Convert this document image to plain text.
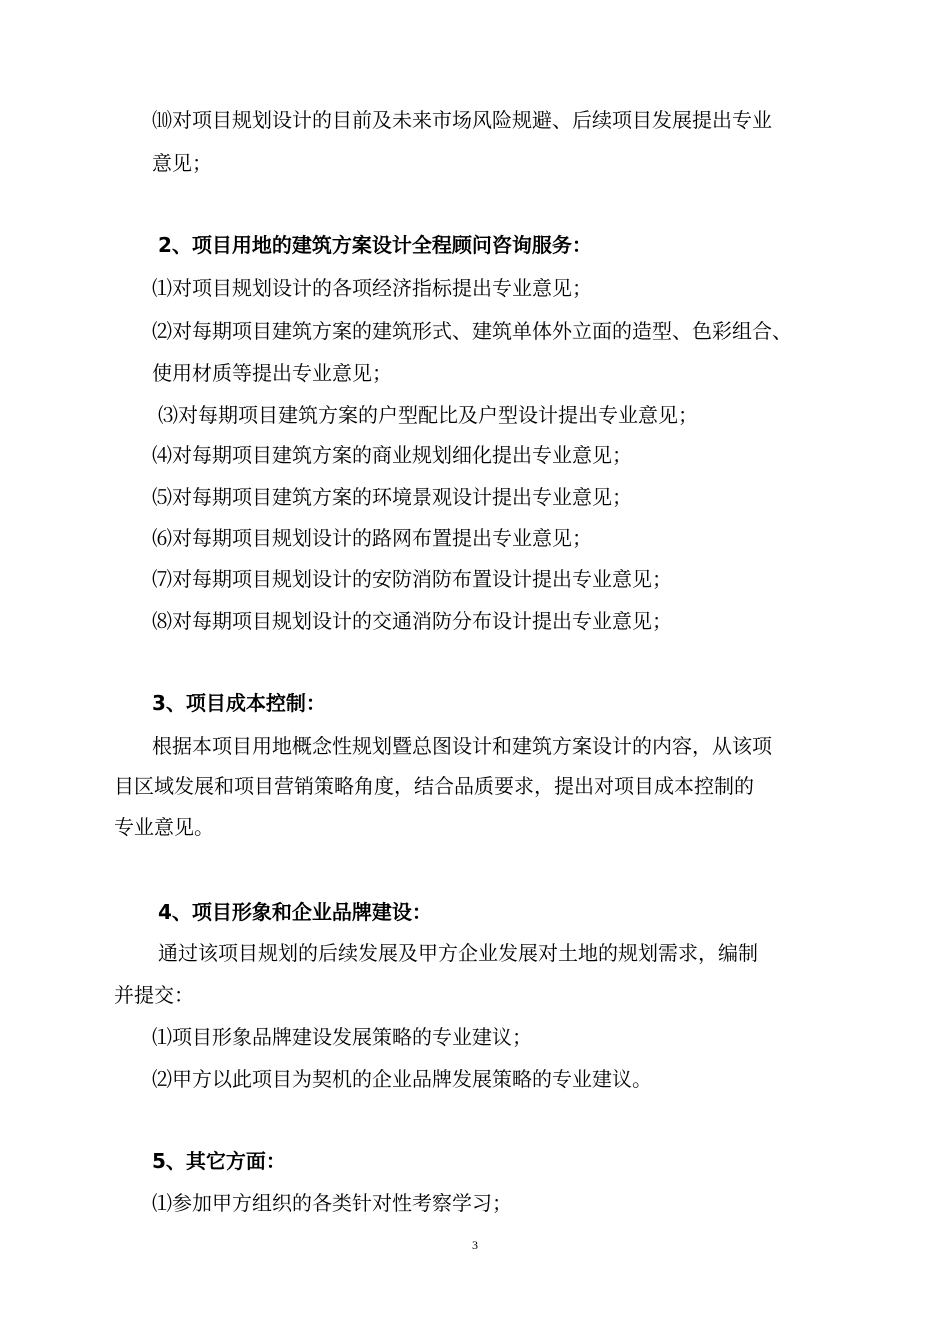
⑽对项目规划设计的目前及未来市场风险规避、后续项目发展提出专业
意见；
2、项目用地的建筑方案设计全程顾问咨询服务：
⑴对项目规划设计的各项经济指标提出专业意见；
⑵对每期项目建筑方案的建筑形式、建筑单体外立面的造型、色彩组合、
使用材质等提出专业意见；
⑶对每期项目建筑方案的户型配比及户型设计提出专业意见；
⑷对每期项目建筑方案的商业规划细化提出专业意见；
⑸对每期项目建筑方案的环境景观设计提出专业意见；
⑹对每期项目规划设计的路网布置提出专业意见；
⑺对每期项目规划设计的安防消防布置设计提出专业意见；
⑻对每期项目规划设计的交通消防分布设计提出专业意见；
3、项目成本控制：
根据本项目用地概念性规划暨总图设计和建筑方案设计的内容，从该项
目区域发展和项目营销策略角度，结合品质要求，提出对项目成本控制的
专业意见。
4、项目形象和企业品牌建设：
通过该项目规划的后续发展及甲方企业发展对土地的规划需求，编制
并提交：
⑴项目形象品牌建设发展策略的专业建议；
⑵甲方以此项目为契机的企业品牌发展策略的专业建议。
5、其它方面：
⑴参加甲方组织的各类针对性考察学习；
3
